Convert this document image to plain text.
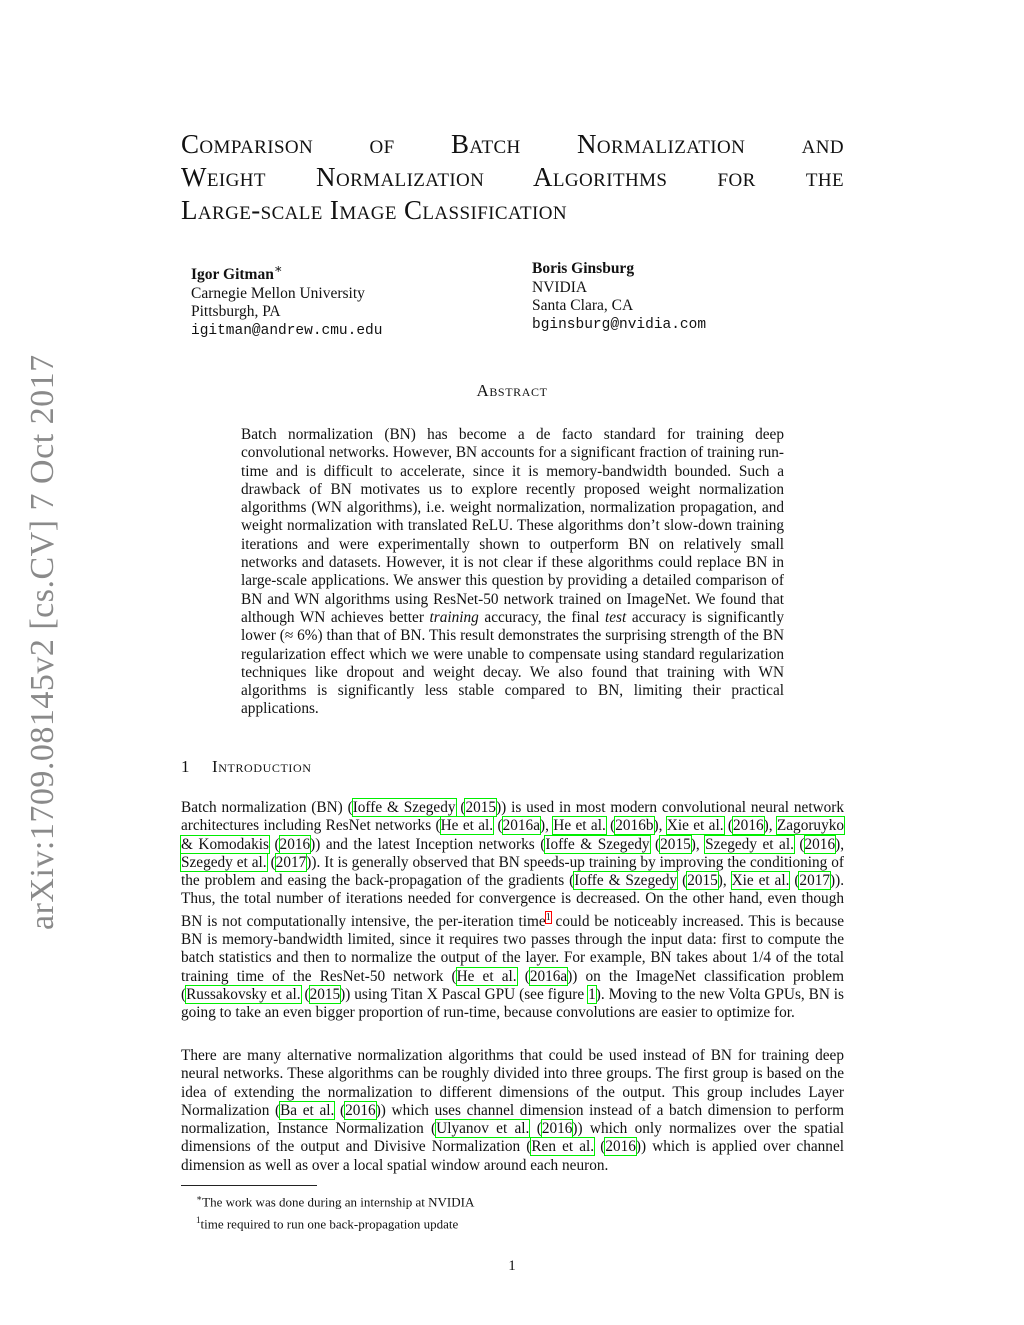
arXiv:1709.08145v2 [cs.CV] 7 Oct 2017
Comparison of Batch Normalization and
Weight Normalization Algorithms for the
Large-scale Image Classification
Igor Gitman∗
Carnegie Mellon University
Pittsburgh, PA
igitman@andrew.cmu.edu
Boris Ginsburg
NVIDIA
Santa Clara, CA
bginsburg@nvidia.com
Abstract
Batch normalization (BN) has become a de facto standard for training deep convolutional networks. However, BN accounts for a significant fraction of training run-time and is difficult to accelerate, since it is memory-bandwidth bounded. Such a drawback of BN motivates us to explore recently proposed weight normalization algorithms (WN algorithms), i.e. weight normalization, normalization propagation, and weight normalization with translated ReLU. These algorithms don’t slow-down training iterations and were experimentally shown to outperform BN on relatively small networks and datasets. However, it is not clear if these algorithms could replace BN in large-scale applications. We answer this question by providing a detailed comparison of BN and WN algorithms using ResNet-50 network trained on ImageNet. We found that although WN achieves better training accuracy, the final test accuracy is significantly lower (≈ 6%) than that of BN. This result demonstrates the surprising strength of the BN regularization effect which we were unable to compensate using standard regularization techniques like dropout and weight decay. We also found that training with WN algorithms is significantly less stable compared to BN, limiting their practical applications.
1 Introduction
Batch normalization (BN) (Ioffe & Szegedy (2015)) is used in most modern convolutional neural network architectures including ResNet networks (He et al. (2016a), He et al. (2016b), Xie et al. (2016), Zagoruyko & Komodakis (2016)) and the latest Inception networks (Ioffe & Szegedy (2015), Szegedy et al. (2016), Szegedy et al. (2017)). It is generally observed that BN speeds-up training by improving the conditioning of the problem and easing the back-propagation of the gradients (Ioffe & Szegedy (2015), Xie et al. (2017)). Thus, the total number of iterations needed for convergence is decreased. On the other hand, even though BN is not computationally intensive, the per-iteration time$^1$ could be noticeably increased. This is because BN is memory-bandwidth limited, since it requires two passes through the input data: first to compute the batch statistics and then to normalize the output of the layer. For example, BN takes about 1/4 of the total training time of the ResNet-50 network (He et al. (2016a)) on the ImageNet classification problem (Russakovsky et al. (2015)) using Titan X Pascal GPU (see figure 1). Moving to the new Volta GPUs, BN is going to take an even bigger proportion of run-time, because convolutions are easier to optimize for.
There are many alternative normalization algorithms that could be used instead of BN for training deep neural networks. These algorithms can be roughly divided into three groups. The first group is based on the idea of extending the normalization to different dimensions of the output. This group includes Layer Normalization (Ba et al. (2016)) which uses channel dimension instead of a batch dimension to perform normalization, Instance Normalization (Ulyanov et al. (2016)) which only normalizes over the spatial dimensions of the output and Divisive Normalization (Ren et al. (2016)) which is applied over channel dimension as well as over a local spatial window around each neuron.
∗The work was done during an internship at NVIDIA
$^1$time required to run one back-propagation update
1
